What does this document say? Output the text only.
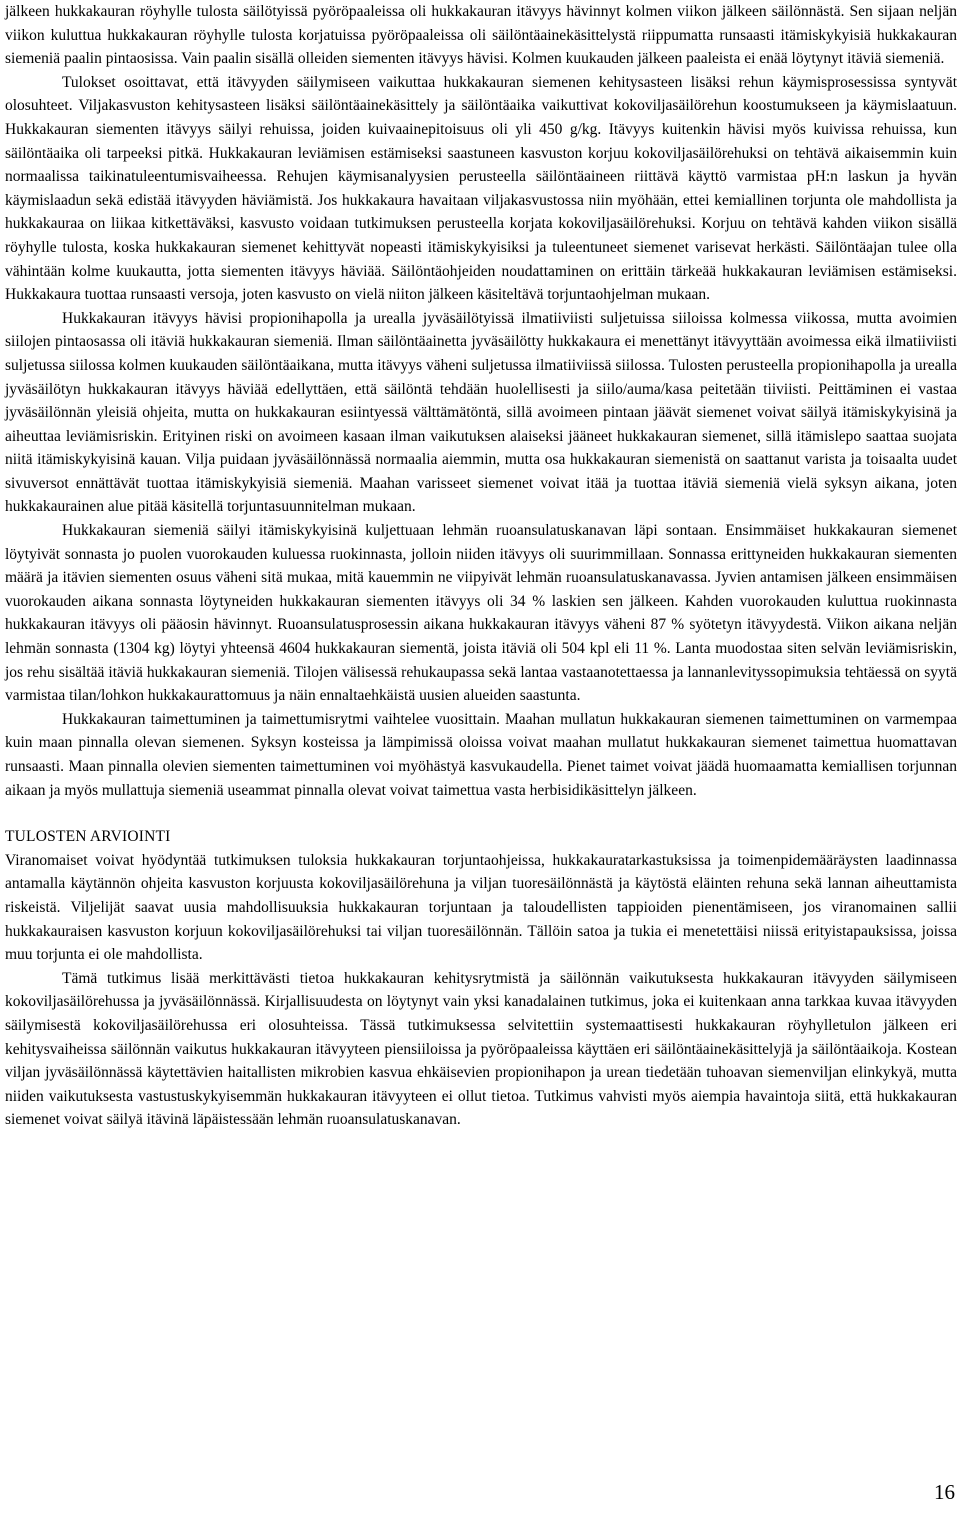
jälkeen hukkakauran röyhylle tulosta säilötyissä pyöröpaaleissa oli hukkakauran itävyys hävinnyt kolmen viikon jälkeen säilönnästä. Sen sijaan neljän viikon kuluttua hukkakauran röyhylle tulosta korjatuissa pyöröpaaleissa oli säilöntäainekäsittelystä riippumatta runsaasti itämiskykyisiä hukkakauran siemeniä paalin pintaosissa. Vain paalin sisällä olleiden siementen itävyys hävisi. Kolmen kuukauden jälkeen paaleista ei enää löytynyt itäviä siemeniä.

Tulokset osoittavat, että itävyyden säilymiseen vaikuttaa hukkakauran siemenen kehitysasteen lisäksi rehun käymisprosessissa syntyvät olosuhteet. Viljakasvuston kehitysasteen lisäksi säilöntäainekäsittely ja säilöntäaika vaikuttivat kokoviljasäilörehun koostumukseen ja käymislaatuun. Hukkakauran siementen itävyys säilyi rehuissa, joiden kuivaainepitoisuus oli yli 450 g/kg. Itävyys kuitenkin hävisi myös kuivissa rehuissa, kun säilöntäaika oli tarpeeksi pitkä. Hukkakauran leviämisen estämiseksi saastuneen kasvuston korjuu kokoviljasäilörehuksi on tehtävä aikaisemmin kuin normaalissa taikinatuleentumisvaiheessa. Rehujen käymisanalyysien perusteella säilöntäaineen riittävä käyttö varmistaa pH:n laskun ja hyvän käymislaadun sekä edistää itävyyden häviämistä. Jos hukkakaura havaitaan viljakasvustossa niin myöhään, ettei kemiallinen torjunta ole mahdollista ja hukkakauraa on liikaa kitkettäväksi, kasvusto voidaan tutkimuksen perusteella korjata kokoviljasäilörehuksi. Korjuu on tehtävä kahden viikon sisällä röyhylle tulosta, koska hukkakauran siemenet kehittyvät nopeasti itämiskykyisiksi ja tuleentuneet siemenet varisevat herkästi. Säilöntäajan tulee olla vähintään kolme kuukautta, jotta siementen itävyys häviää. Säilöntäohjeiden noudattaminen on erittäin tärkeää hukkakauran leviämisen estämiseksi. Hukkakaura tuottaa runsaasti versoja, joten kasvusto on vielä niiton jälkeen käsiteltävä torjuntaohjelman mukaan.

Hukkakauran itävyys hävisi propionihapolla ja urealla jyväsäilötyissä ilmatiiviisti suljetuissa siiloissa kolmessa viikossa, mutta avoimien siilojen pintaosassa oli itäviä hukkakauran siemeniä. Ilman säilöntäainetta jyväsäilötty hukkakaura ei menettänyt itävyyttään avoimessa eikä ilmatiiviisti suljetussa siilossa kolmen kuukauden säilöntäaikana, mutta itävyys väheni suljetussa ilmatiiviissä siilossa. Tulosten perusteella propionihapolla ja urealla jyväsäilötyn hukkakauran itävyys häviää edellyttäen, että säilöntä tehdään huolellisesti ja siilo/auma/kasa peitetään tiiviisti. Peittäminen ei vastaa jyväsäilönnän yleisiä ohjeita, mutta on hukkakauran esiintyessä välttämätöntä, sillä avoimeen pintaan jäävät siemenet voivat säilyä itämiskykyisinä ja aiheuttaa leviämisriskin. Erityinen riski on avoimeen kasaan ilman vaikutuksen alaiseksi jääneet hukkakauran siemenet, sillä itämislepo saattaa suojata niitä itämiskykyisinä kauan. Vilja puidaan jyväsäilönnässä normaalia aiemmin, mutta osa hukkakauran siemenistä on saattanut varista ja toisaalta uudet sivuversot ennättävät tuottaa itämiskykyisiä siemeniä. Maahan varisseet siemenet voivat itää ja tuottaa itäviä siemeniä vielä syksyn aikana, joten hukkakaurainen alue pitää käsitellä torjuntasuunnitelman mukaan.

Hukkakauran siemeniä säilyi itämiskykyisinä kuljettuaan lehmän ruoansulatuskanavan läpi sontaan. Ensimmäiset hukkakauran siemenet löytyivät sonnasta jo puolen vuorokauden kuluessa ruokinnasta, jolloin niiden itävyys oli suurimmillaan. Sonnassa erittyneiden hukkakauran siementen määrä ja itävien siementen osuus väheni sitä mukaa, mitä kauemmin ne viipyivät lehmän ruoansulatuskanavassa. Jyvien antamisen jälkeen ensimmäisen vuorokauden aikana sonnasta löytyneiden hukkakauran siementen itävyys oli 34 % laskien sen jälkeen. Kahden vuorokauden kuluttua ruokinnasta hukkakauran itävyys oli pääosin hävinnyt. Ruoansulatusprosessin aikana hukkakauran itävyys väheni 87 % syötetyn itävyydestä. Viikon aikana neljän lehmän sonnasta (1304 kg) löytyi yhteensä 4604 hukkakauran siementä, joista itäviä oli 504 kpl eli 11 %. Lanta muodostaa siten selvän leviämisriskin, jos rehu sisältää itäviä hukkakauran siemeniä. Tilojen välisessä rehukaupassa sekä lantaa vastaanotettaessa ja lannanlevityssopimuksia tehtäessä on syytä varmistaa tilan/lohkon hukkakaurattomuus ja näin ennaltaehkäistä uusien alueiden saastunta.

Hukkakauran taimettuminen ja taimettumisrytmi vaihtelee vuosittain. Maahan mullatun hukkakauran siemenen taimettuminen on varmempaa kuin maan pinnalla olevan siemenen. Syksyn kosteissa ja lämpimissä oloissa voivat maahan mullatut hukkakauran siemenet taimettua huomattavan runsaasti. Maan pinnalla olevien siementen taimettuminen voi myöhästyä kasvukaudella. Pienet taimet voivat jäädä huomaamatta kemiallisen torjunnan aikaan ja myös mullattuja siemeniä useammat pinnalla olevat voivat taimettua vasta herbisidikäsittelyn jälkeen.

TULOSTEN ARVIOINTI

Viranomaiset voivat hyödyntää tutkimuksen tuloksia hukkakauran torjuntaohjeissa, hukkakauratarkastuksissa ja toimenpidemääräysten laadinnassa antamalla käytännön ohjeita kasvuston korjuusta kokoviljasäilörehuna ja viljan tuoresäilönnästä ja käytöstä eläinten rehuna sekä lannan aiheuttamista riskeistä. Viljelijät saavat uusia mahdollisuuksia hukkakauran torjuntaan ja taloudellisten tappioiden pienentämiseen, jos viranomainen sallii hukkakauraisen kasvuston korjuun kokoviljasäilörehuksi tai viljan tuoresäilönnän. Tällöin satoa ja tukia ei menetettäisi niissä erityistapauksissa, joissa muu torjunta ei ole mahdollista.

Tämä tutkimus lisää merkittävästi tietoa hukkakauran kehitysrytmistä ja säilönnän vaikutuksesta hukkakauran itävyyden säilymiseen kokoviljasäilörehussa ja jyväsäilönnässä. Kirjallisuudesta on löytynyt vain yksi kanadalainen tutkimus, joka ei kuitenkaan anna tarkkaa kuvaa itävyyden säilymisestä kokoviljasäilörehussa eri olosuhteissa. Tässä tutkimuksessa selvitettiin systemaattisesti hukkakauran röyhylletulon jälkeen eri kehitysvaiheissa säilönnän vaikutus hukkakauran itävyyteen piensiiloissa ja pyöröpaaleissa käyttäen eri säilöntäainekäsittelyjä ja säilöntäaikoja. Kostean viljan jyväsäilönnässä käytettävien haitallisten mikrobien kasvua ehkäisevien propionihapon ja urean tiedetään tuhoavan siemenviljan elinkykyä, mutta niiden vaikutuksesta vastustuskykyisemmän hukkakauran itävyyteen ei ollut tietoa. Tutkimus vahvisti myös aiempia havaintoja siitä, että hukkakauran siemenet voivat säilyä itävinä läpäistessään lehmän ruoansulatuskanavan.

16
